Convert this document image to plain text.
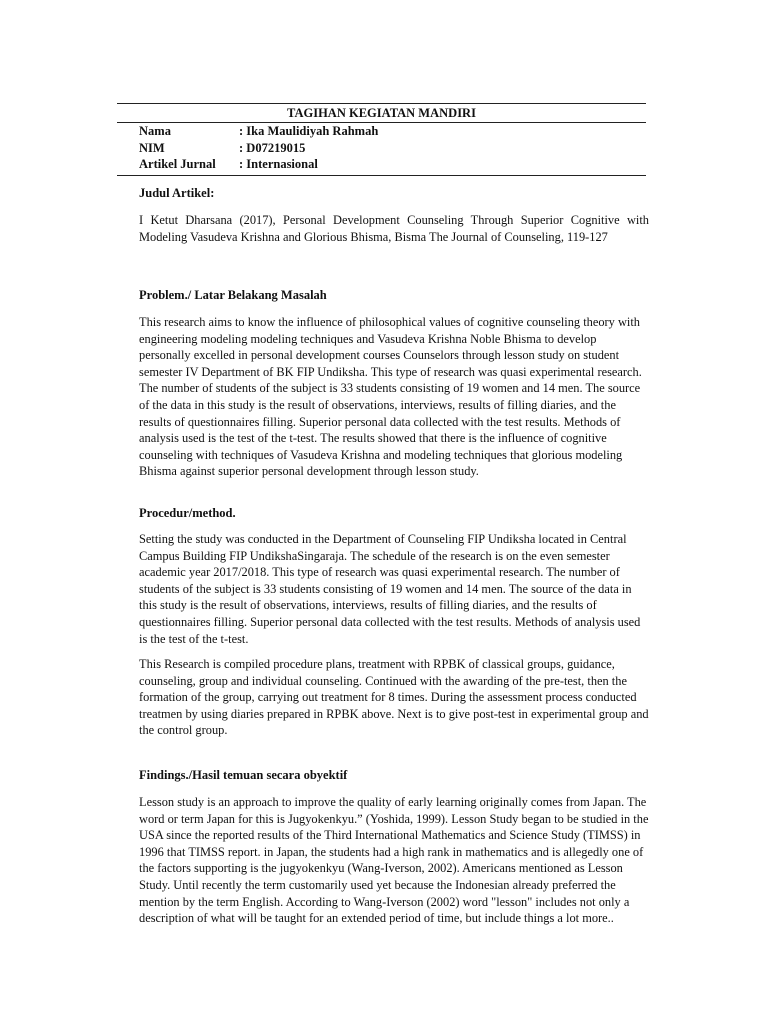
TAGIHAN KEGIATAN MANDIRI
Nama	: Ika Maulidiyah Rahmah
NIM	: D07219015
Artikel Jurnal	: Internasional

Judul Artikel:

I Ketut Dharsana (2017), Personal Development Counseling Through Superior Cognitive with Modeling Vasudeva Krishna and Glorious Bhisma, Bisma The Journal of Counseling, 119-127

Problem./ Latar Belakang Masalah

This research aims to know the influence of philosophical values of cognitive counseling theory with engineering modeling modeling techniques and Vasudeva Krishna Noble Bhisma to develop personally excelled in personal development courses Counselors through lesson study on student semester IV Department of BK FIP Undiksha. This type of research was quasi experimental research. The number of students of the subject is 33 students consisting of 19 women and 14 men. The source of the data in this study is the result of observations, interviews, results of filling diaries, and the results of questionnaires filling. Superior personal data collected with the test results. Methods of analysis used is the test of the t-test. The results showed that there is the influence of cognitive counseling with techniques of Vasudeva Krishna and modeling techniques that glorious modeling Bhisma against superior personal development through lesson study.

Procedur/method.

Setting the study was conducted in the Department of Counseling FIP Undiksha located in Central Campus Building FIP UndikshaSingaraja. The schedule of the research is on the even semester academic year 2017/2018. This type of research was quasi experimental research. The number of students of the subject is 33 students consisting of 19 women and 14 men. The source of the data in this study is the result of observations, interviews, results of filling diaries, and the results of questionnaires filling. Superior personal data collected with the test results. Methods of analysis used is the test of the t-test.

This Research is compiled procedure plans, treatment with RPBK of classical groups, guidance, counseling, group and individual counseling. Continued with the awarding of the pre-test, then the formation of the group, carrying out treatment for 8 times. During the assessment process conducted treatmen by using diaries prepared in RPBK above. Next is to give post-test in experimental group and the control group.

Findings./Hasil temuan secara obyektif

Lesson study is an approach to improve the quality of early learning originally comes from Japan. The word or term Japan for this is Jugyokenkyu.” (Yoshida, 1999). Lesson Study began to be studied in the USA since the reported results of the Third International Mathematics and Science Study (TIMSS) in 1996 that TIMSS report. in Japan, the students had a high rank in mathematics and is allegedly one of the factors supporting is the jugyokenkyu (Wang-Iverson, 2002). Americans mentioned as Lesson Study. Until recently the term customarily used yet because the Indonesian already preferred the mention by the term English. According to Wang-Iverson (2002) word "lesson" includes not only a description of what will be taught for an extended period of time, but include things a lot more..
